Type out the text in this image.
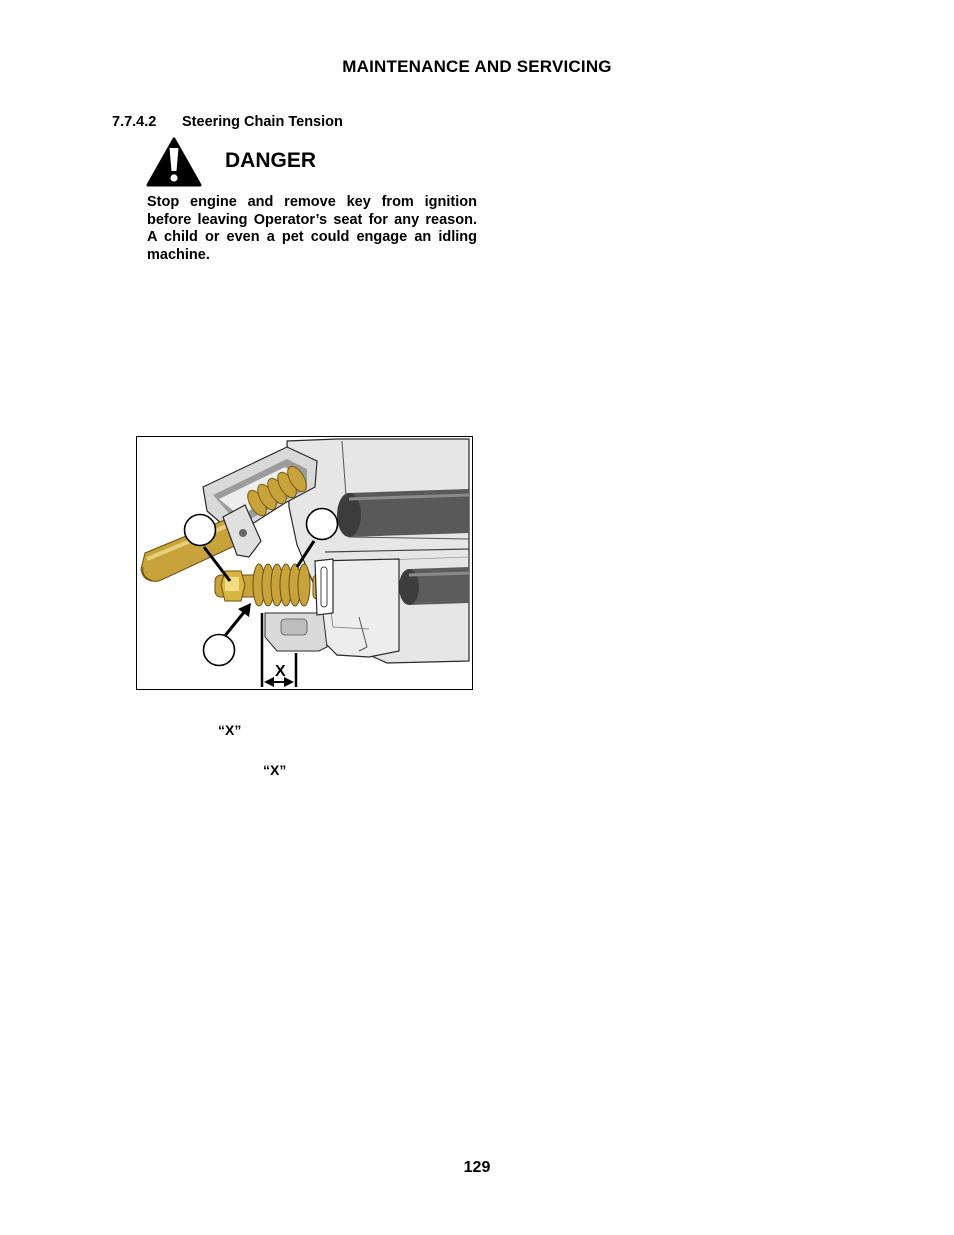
MAINTENANCE AND SERVICING
7.7.4.2 Steering Chain Tension
DANGER
Stop engine and remove key from ignition before leaving Operator’s seat for any reason. A child or even a pet could engage an idling machine.
X
“X”
“X”
129
